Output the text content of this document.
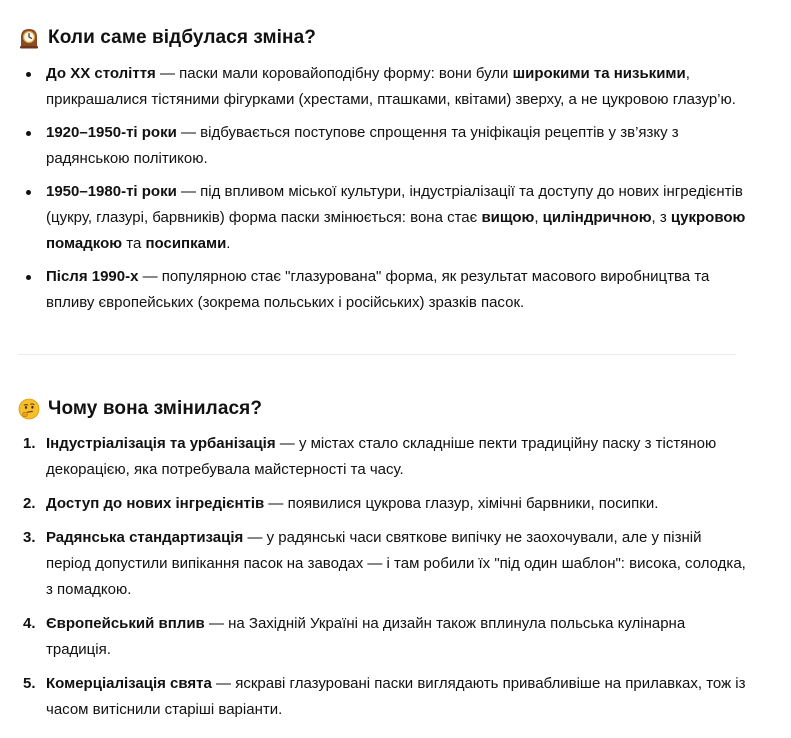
Коли саме відбулася зміна?
До XX століття — паски мали коровайоподібну форму: вони були широкими та низькими, прикрашалися тістяними фігурками (хрестами, пташками, квітами) зверху, а не цукровою глазур’ю.
1920–1950-ті роки — відбувається поступове спрощення та уніфікація рецептів у зв’язку з радянською політикою.
1950–1980-ті роки — під впливом міської культури, індустріалізації та доступу до нових інгредієнтів (цукру, глазурі, барвників) форма паски змінюється: вона стає вищою, циліндричною, з цукровою помадкою та посипками.
Після 1990-х — популярною стає "глазурована" форма, як результат масового виробництва та впливу європейських (зокрема польських і російських) зразків пасок.
Чому вона змінилася?
1. Індустріалізація та урбанізація — у містах стало складніше пекти традиційну паску з тістяною декорацією, яка потребувала майстерності та часу.
2. Доступ до нових інгредієнтів — появилися цукрова глазур, хімічні барвники, посипки.
3. Радянська стандартизація — у радянські часи святкове випічку не заохочували, але у пізній період допустили випікання пасок на заводах — і там робили їх "під один шаблон": висока, солодка, з помадкою.
4. Європейський вплив — на Західній Україні на дизайн також вплинула польська кулінарна традиція.
5. Комерціалізація свята — яскраві глазуровані паски виглядають привабливіше на прилавках, тож із часом витіснили старіші варіанти.
